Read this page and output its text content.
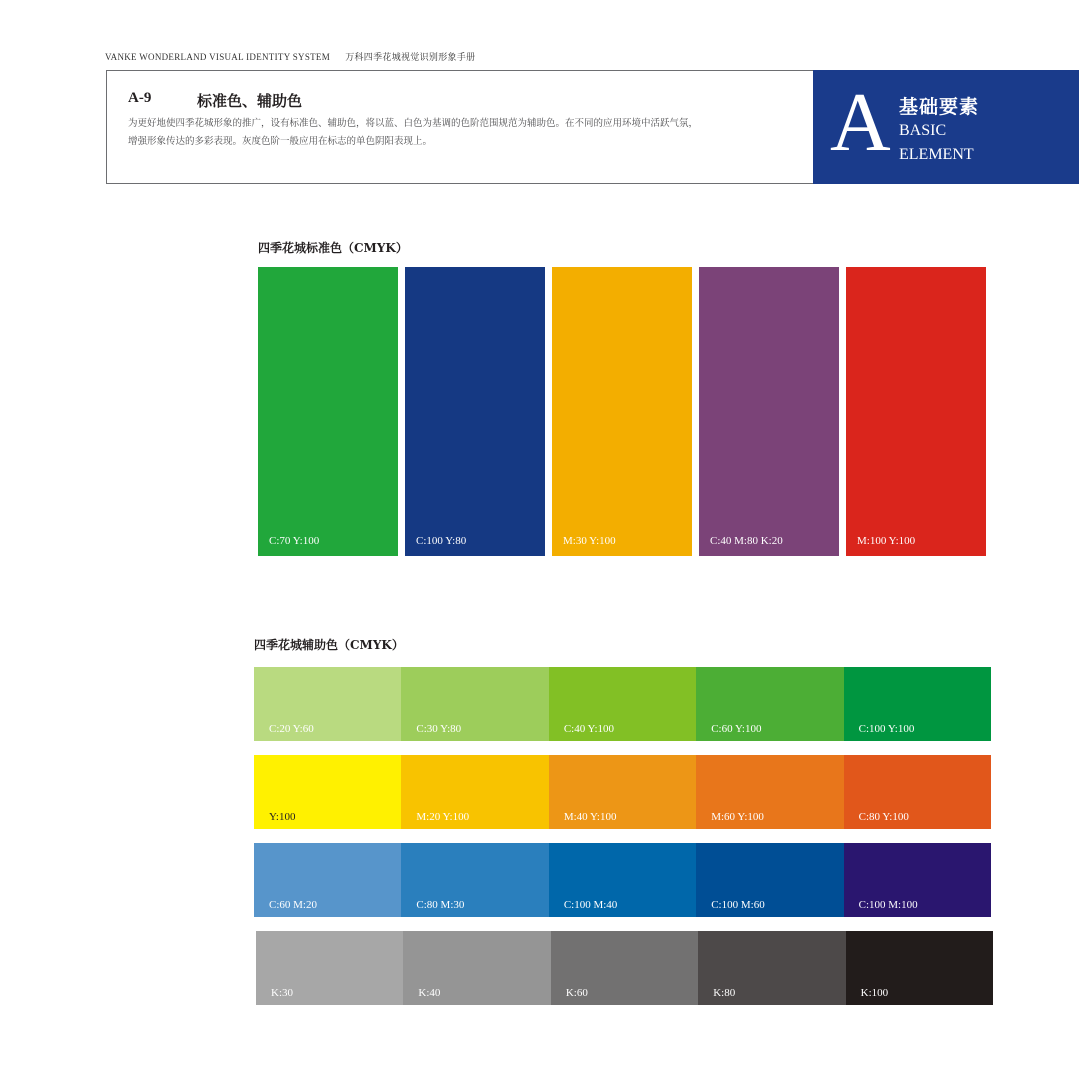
VANKE WONDERLAND VISUAL IDENTITY SYSTEM 万科四季花城视觉识别形象手册
A-9	标准色、辅助色
为更好地使四季花城形象的推广，设有标准色、辅助色，将以蓝、白色为基调的色阶范围规范为辅助色。在不同的应用环境中活跃气氛，
增强形象传达的多彩表现。灰度色阶一般应用在标志的单色阴阳表现上。	A 基础要素
BASIC
ELEMENT
四季花城标准色（CMYK）
C:70 Y:100	C:100 Y:80	M:30 Y:100	C:40 M:80 K:20	M:100 Y:100
四季花城辅助色（CMYK）
C:20 Y:60	C:30 Y:80	C:40 Y:100	C:60 Y:100	C:100 Y:100
Y:100	M:20 Y:100	M:40 Y:100	M:60 Y:100	C:80 Y:100
C:60 M:20	C:80 M:30	C:100 M:40	C:100 M:60	C:100 M:100
K:30	K:40	K:60	K:80	K:100
